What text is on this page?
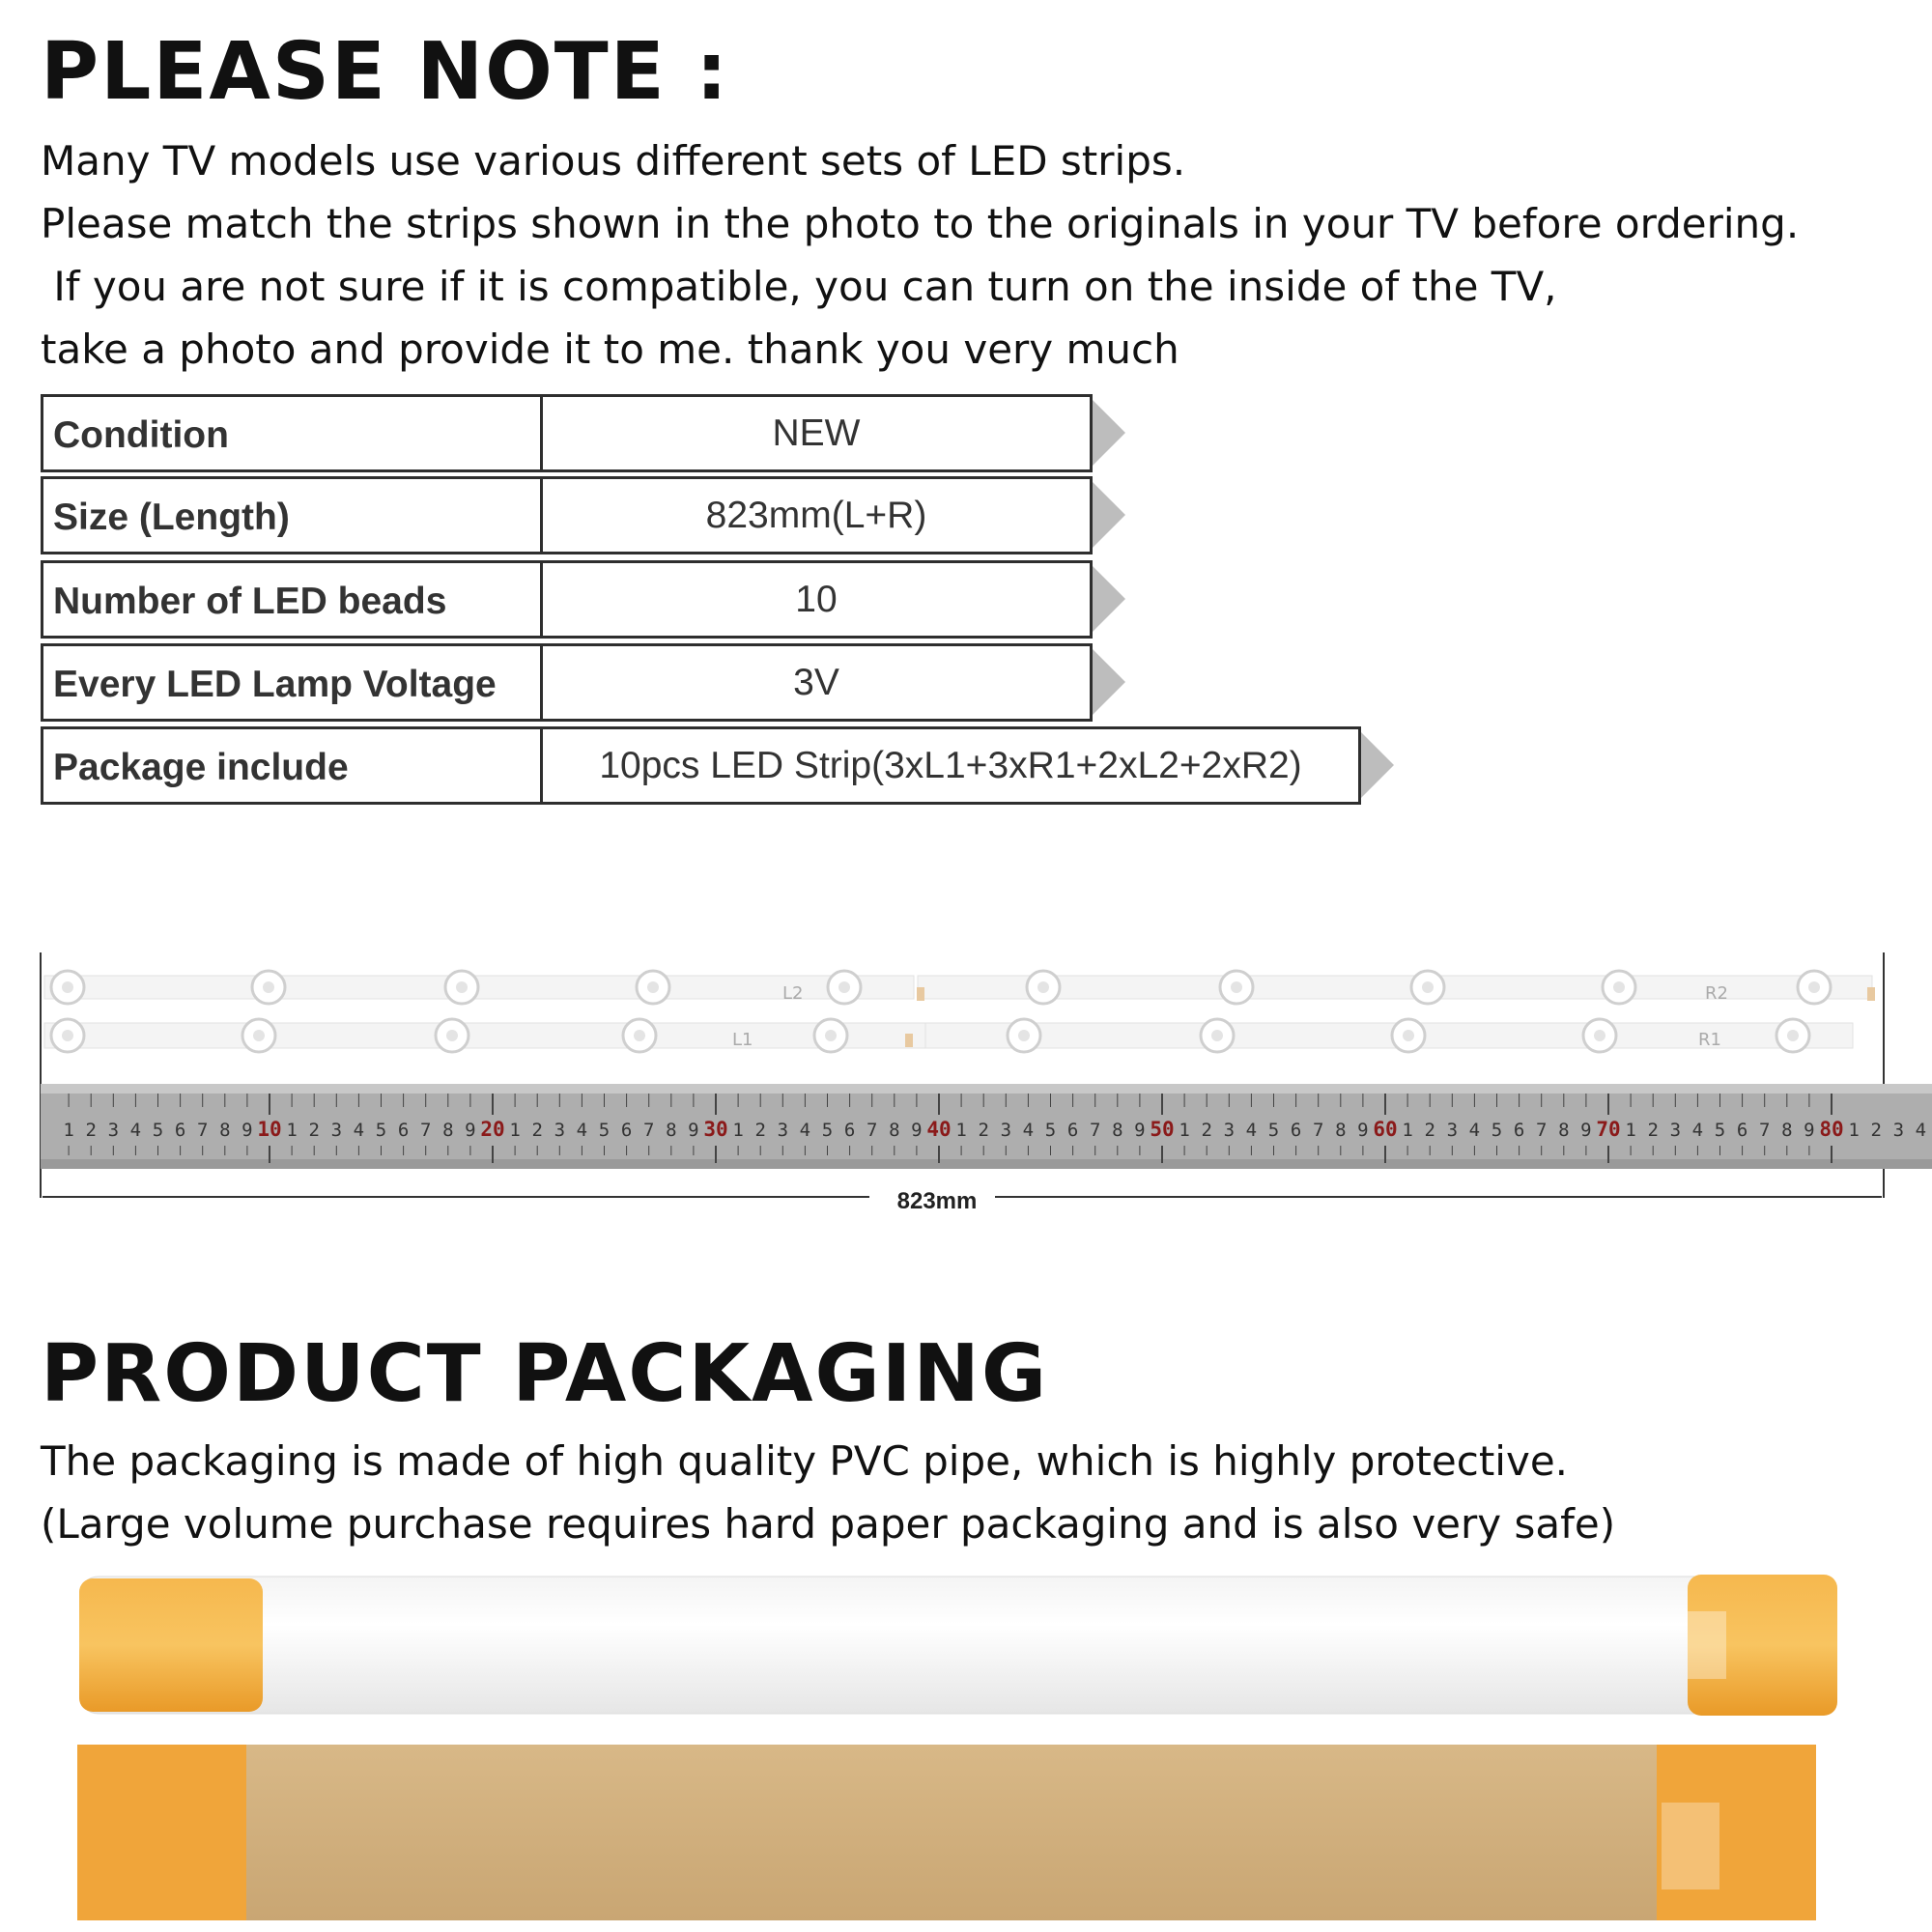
PLEASE NOTE :
Many TV models use various different sets of LED strips.
Please match the strips shown in the photo to the originals in your TV before ordering.
If you are not sure if it is compatible, you can turn on the inside of the TV,
take a photo and provide it to me. thank you very much
Condition	NEW
Size (Length)	823mm(L+R)
Number of LED beads	10
Every LED Lamp Voltage	3V
Package include	10pcs LED Strip(3xL1+3xR1+2xL2+2xR2)
823mm
L2	R2
L1	R1
1 2 3 4 5 6 7 8 9 10 1 2 3 4 5 6 7 8 9 20 1 2 3 4 5 6 7 8 9 30 1 2 3 4 5 6 7 8 9 40 1 2 3 4 5 6 7 8 9 50 1 2 3 4 5 6 7 8 9 60 1 2 3 4 5 6 7 8 9 70 1 2 3 4 5 6 7 8 9 80 1 2 3 4
PRODUCT PACKAGING
The packaging is made of high quality PVC pipe, which is highly protective.
(Large volume purchase requires hard paper packaging and is also very safe)
